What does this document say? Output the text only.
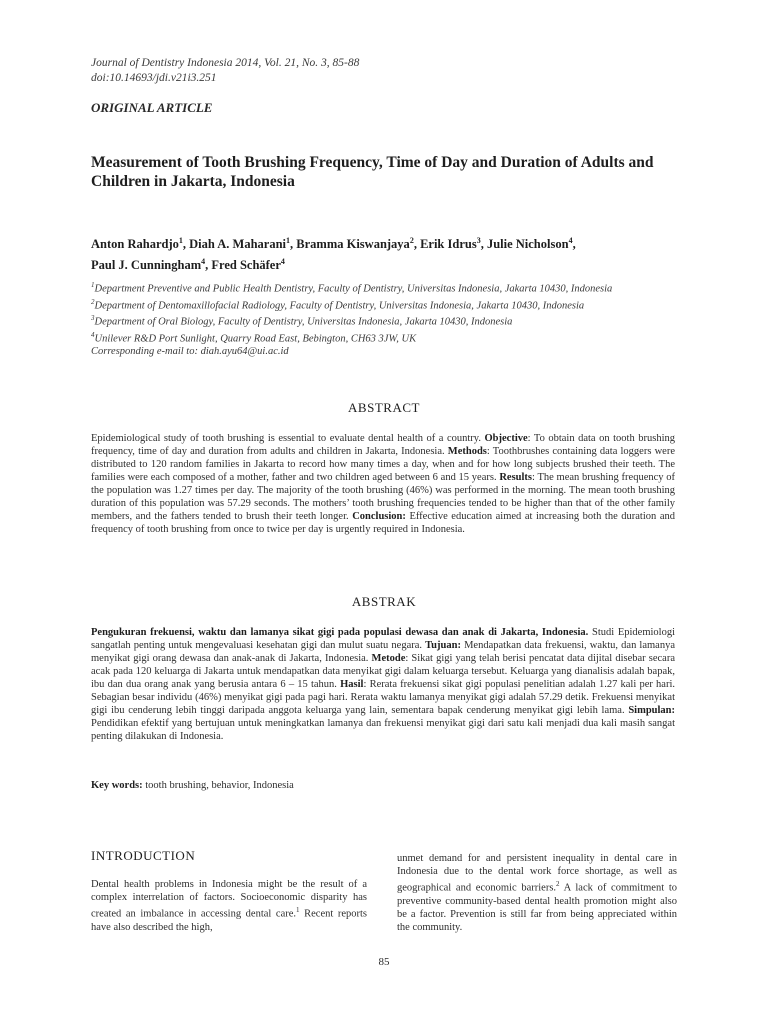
Journal of Dentistry Indonesia 2014, Vol. 21, No. 3, 85-88
doi:10.14693/jdi.v21i3.251
ORIGINAL ARTICLE
Measurement of Tooth Brushing Frequency, Time of Day and Duration of Adults and Children in Jakarta, Indonesia
Anton Rahardjo$^1$, Diah A. Maharani$^1$, Bramma Kiswanjaya$^2$, Erik Idrus$^3$, Julie Nicholson$^4$,
Paul J. Cunningham$^4$, Fred Schäfer$^4$
$^1$Department Preventive and Public Health Dentistry, Faculty of Dentistry, Universitas Indonesia, Jakarta 10430, Indonesia
$^2$Department of Dentomaxillofacial Radiology, Faculty of Dentistry, Universitas Indonesia, Jakarta 10430, Indonesia
$^3$Department of Oral Biology, Faculty of Dentistry, Universitas Indonesia, Jakarta 10430, Indonesia
$^4$Unilever R&D Port Sunlight, Quarry Road East, Bebington, CH63 3JW, UK
Corresponding e-mail to: diah.ayu64@ui.ac.id
ABSTRACT
Epidemiological study of tooth brushing is essential to evaluate dental health of a country. Objective: To obtain data on tooth brushing frequency, time of day and duration from adults and children in Jakarta, Indonesia. Methods: Toothbrushes containing data loggers were distributed to 120 random families in Jakarta to record how many times a day, when and for how long subjects brushed their teeth. The families were each composed of a mother, father and two children aged between 6 and 15 years. Results: The mean brushing frequency of the population was 1.27 times per day. The majority of the tooth brushing (46%) was performed in the morning. The mean tooth brushing duration of this population was 57.29 seconds. The mothers’ tooth brushing frequencies tended to be higher than that of the other family members, and the fathers tended to brush their teeth longer. Conclusion: Effective education aimed at increasing both the duration and frequency of tooth brushing from once to twice per day is urgently required in Indonesia.
ABSTRAK
Pengukuran frekuensi, waktu dan lamanya sikat gigi pada populasi dewasa dan anak di Jakarta, Indonesia. Studi Epidemiologi sangatlah penting untuk mengevaluasi kesehatan gigi dan mulut suatu negara. Tujuan: Mendapatkan data frekuensi, waktu, dan lamanya menyikat gigi orang dewasa dan anak-anak di Jakarta, Indonesia. Metode: Sikat gigi yang telah berisi pencatat data dijital disebar secara acak pada 120 keluarga di Jakarta untuk mendapatkan data menyikat gigi dalam keluarga tersebut. Keluarga yang dianalisis adalah bapak, ibu dan dua orang anak yang berusia antara 6 – 15 tahun. Hasil: Rerata frekuensi sikat gigi populasi penelitian adalah 1.27 kali per hari. Sebagian besar individu (46%) menyikat gigi pada pagi hari. Rerata waktu lamanya menyikat gigi adalah 57.29 detik. Frekuensi menyikat gigi ibu cenderung lebih tinggi daripada anggota keluarga yang lain, sementara bapak cenderung menyikat gigi lebih lama. Simpulan: Pendidikan efektif yang bertujuan untuk meningkatkan lamanya dan frekuensi menyikat gigi dari satu kali menjadi dua kali masih sangat penting dilakukan di Indonesia.
Key words: tooth brushing, behavior, Indonesia
INTRODUCTION
Dental health problems in Indonesia might be the result of a complex interrelation of factors. Socioeconomic disparity has created an imbalance in accessing dental care.$^1$ Recent reports have also described the high,
unmet demand for and persistent inequality in dental care in Indonesia due to the dental work force shortage, as well as geographical and economic barriers.$^2$ A lack of commitment to preventive community-based dental health promotion might also be a factor. Prevention is still far from being appreciated within the community.
85
